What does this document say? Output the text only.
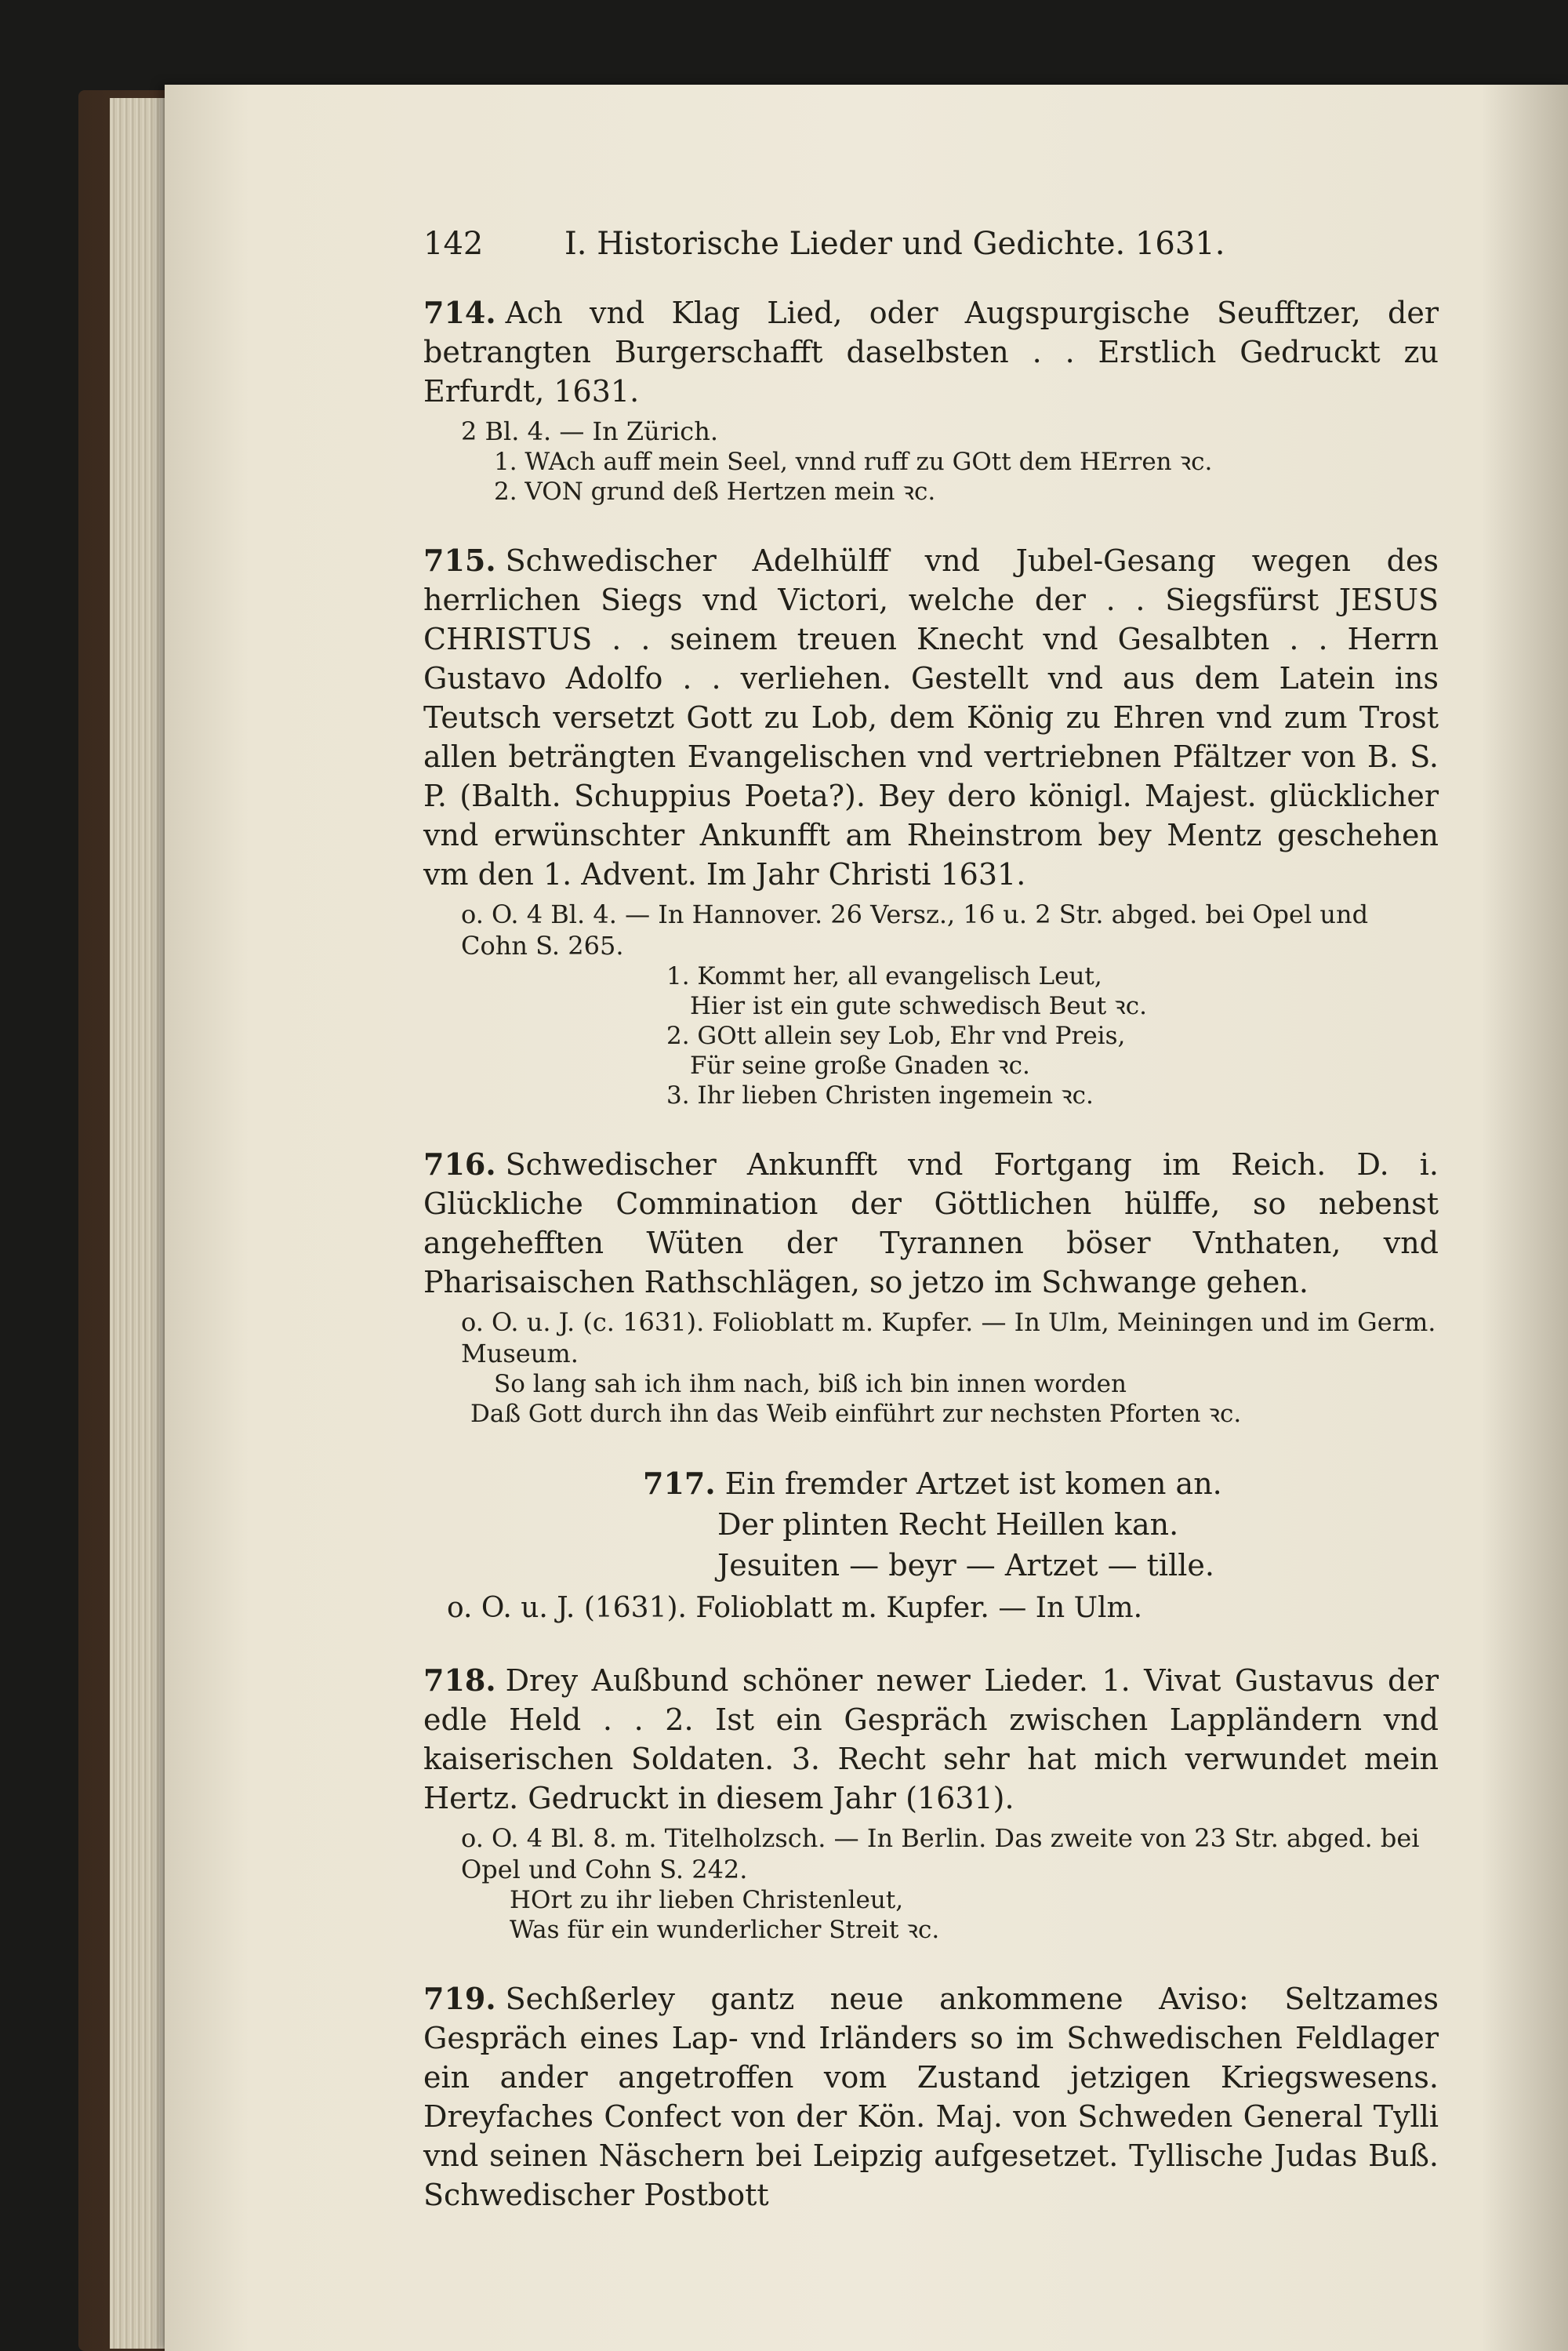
142	I. Historische Lieder und Gedichte. 1631.
714. Ach vnd Klag Lied, oder Augspurgische Seufftzer, der betrangten Burgerschafft daselbsten . . Erstlich Gedruckt zu Erfurdt, 1631.
2 Bl. 4. — In Zürich.
1. WAch auff mein Seel, vnnd ruff zu GOtt dem HErren ꝛc.
2. VON grund deß Hertzen mein ꝛc.
715. Schwedischer Adelhülff vnd Jubel-Gesang wegen des herrlichen Siegs vnd Victori, welche der . . Siegsfürst JESUS CHRISTUS . . seinem treuen Knecht vnd Gesalbten . . Herrn Gustavo Adolfo . . verliehen. Gestellt vnd aus dem Latein ins Teutsch versetzt Gott zu Lob, dem König zu Ehren vnd zum Trost allen beträngten Evangelischen vnd vertriebnen Pfältzer von B. S. P. (Balth. Schuppius Poeta?). Bey dero königl. Majest. glücklicher vnd erwünschter Ankunfft am Rheinstrom bey Mentz geschehen vm den 1. Advent. Im Jahr Christi 1631.
o. O. 4 Bl. 4. — In Hannover. 26 Versz., 16 u. 2 Str. abged. bei Opel und Cohn S. 265.
1. Kommt her, all evangelisch Leut,
Hier ist ein gute schwedisch Beut ꝛc.
2. GOtt allein sey Lob, Ehr vnd Preis,
Für seine große Gnaden ꝛc.
3. Ihr lieben Christen ingemein ꝛc.
716. Schwedischer Ankunfft vnd Fortgang im Reich. D. i. Glückliche Commination der Göttlichen hülffe, so nebenst angehefften Wüten der Tyrannen böser Vnthaten, vnd Pharisaischen Rathschlägen, so jetzo im Schwange gehen.
o. O. u. J. (c. 1631). Folioblatt m. Kupfer. — In Ulm, Meiningen und im Germ. Museum.
So lang sah ich ihm nach, biß ich bin innen worden
Daß Gott durch ihn das Weib einführt zur nechsten Pforten ꝛc.
717. Ein fremder Artzet ist komen an.
Der plinten Recht Heillen kan.
Jesuiten — beyr — Artzet — tille.
o. O. u. J. (1631). Folioblatt m. Kupfer. — In Ulm.
718. Drey Außbund schöner newer Lieder. 1. Vivat Gustavus der edle Held . . 2. Ist ein Gespräch zwischen Lappländern vnd kaiserischen Soldaten. 3. Recht sehr hat mich verwundet mein Hertz. Gedruckt in diesem Jahr (1631).
o. O. 4 Bl. 8. m. Titelholzsch. — In Berlin. Das zweite von 23 Str. abged. bei Opel und Cohn S. 242.
HOrt zu ihr lieben Christenleut,
Was für ein wunderlicher Streit ꝛc.
719. Sechßerley gantz neue ankommene Aviso: Seltzames Gespräch eines Lap- vnd Irländers so im Schwedischen Feldlager ein ander angetroffen vom Zustand jetzigen Kriegswesens. Dreyfaches Confect von der Kön. Maj. von Schweden General Tylli vnd seinen Näschern bei Leipzig aufgesetzet. Tyllische Judas Buß. Schwedischer Postbott
